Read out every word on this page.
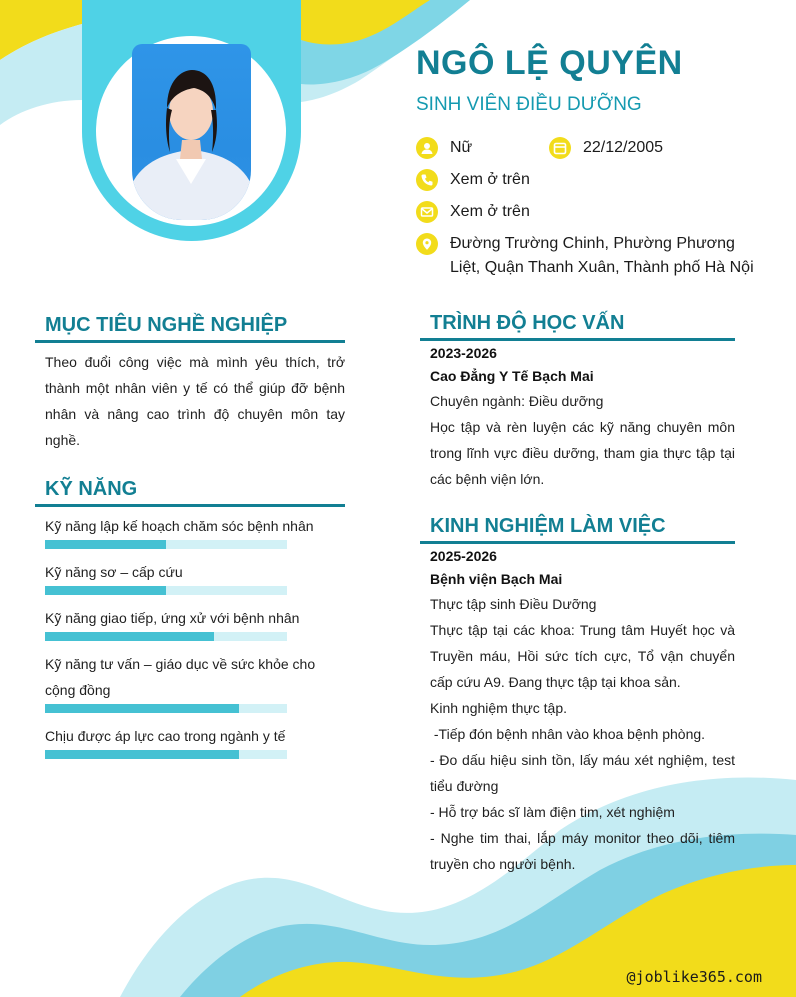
NGÔ LỆ QUYÊN
SINH VIÊN ĐIỀU DƯỠNG
Nữ	22/12/2005
Xem ở trên
Xem ở trên
Đường Trường Chinh, Phường Phương Liệt, Quận Thanh Xuân, Thành phố Hà Nội
MỤC TIÊU NGHỀ NGHIỆP
Theo đuổi công việc mà mình yêu thích, trở thành một nhân viên y tế có thể giúp đỡ bệnh nhân và nâng cao trình độ chuyên môn tay nghề.
KỸ NĂNG
Kỹ năng lập kế hoạch chăm sóc bệnh nhân
Kỹ năng sơ – cấp cứu
Kỹ năng giao tiếp, ứng xử với bệnh nhân
Kỹ năng tư vấn – giáo dục về sức khỏe cho cộng đồng
Chịu được áp lực cao trong ngành y tế
TRÌNH ĐỘ HỌC VẤN
2023-2026
Cao Đẳng Y Tế Bạch Mai
Chuyên ngành: Điều dưỡng
Học tập và rèn luyện các kỹ năng chuyên môn trong lĩnh vực điều dưỡng, tham gia thực tập tại các bệnh viện lớn.
KINH NGHIỆM LÀM VIỆC
2025-2026
Bệnh viện Bạch Mai
Thực tập sinh Điều Dưỡng
Thực tập tại các khoa: Trung tâm Huyết học và Truyền máu, Hồi sức tích cực, Tổ vận chuyển cấp cứu A9. Đang thực tập tại khoa sản.
Kinh nghiệm thực tập.
-Tiếp đón bệnh nhân vào khoa bệnh phòng.
- Đo dấu hiệu sinh tồn, lấy máu xét nghiệm, test tiểu đường
- Hỗ trợ bác sĩ làm điện tim, xét nghiệm
- Nghe tim thai, lắp máy monitor theo dõi, tiêm truyền cho người bệnh.
@joblike365.com
